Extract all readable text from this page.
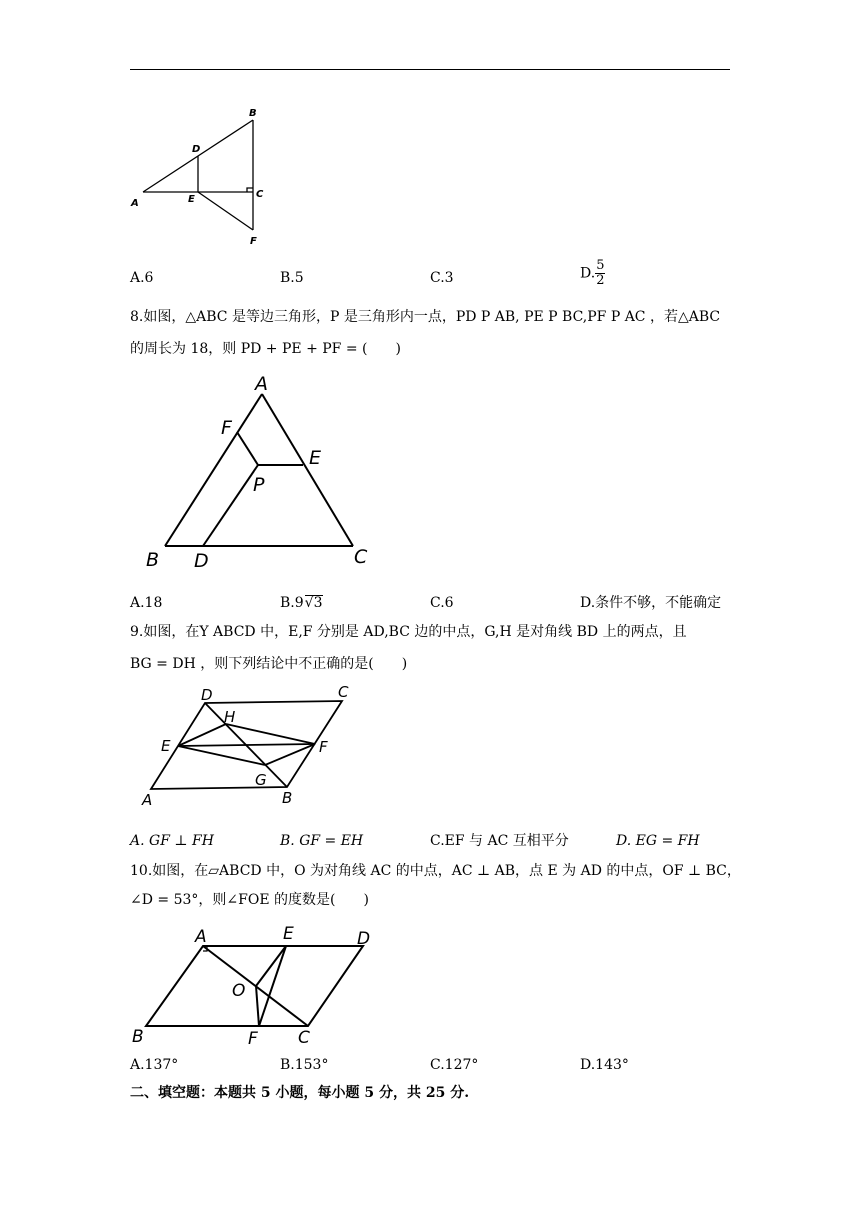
B
D
A	E	C
F
A.6	B.5	C.3	D. $\frac{5}{2}$
8.如图，△ABC 是等边三角形，P 是三角形内一点，PD P AB, PE P BC,PF P AC ，若△ABC
的周长为 18，则 PD + PE + PF = (　　)
A
F
E
P
B D	C
A.18	B.9√3	C.6	D.条件不够，不能确定
9.如图，在Y ABCD 中，E,F 分别是 AD,BC 边的中点，G,H 是对角线 BD 上的两点，且
BG = DH ，则下列结论中不正确的是(　　)
D	C
H
E	F
G
A	B
A. GF ⊥ FH	B. GF = EH	C.EF 与 AC 互相平分	D. EG = FH
10.如图，在▱ABCD 中，O 为对角线 AC 的中点，AC ⊥ AB，点 E 为 AD 的中点，OF ⊥ BC，
∠D = 53°，则∠FOE 的度数是(　　)
A	E	D
O
B	F C
A.137°	B.153°	C.127°	D.143°
二、填空题：本题共 5 小题，每小题 5 分，共 25 分.
